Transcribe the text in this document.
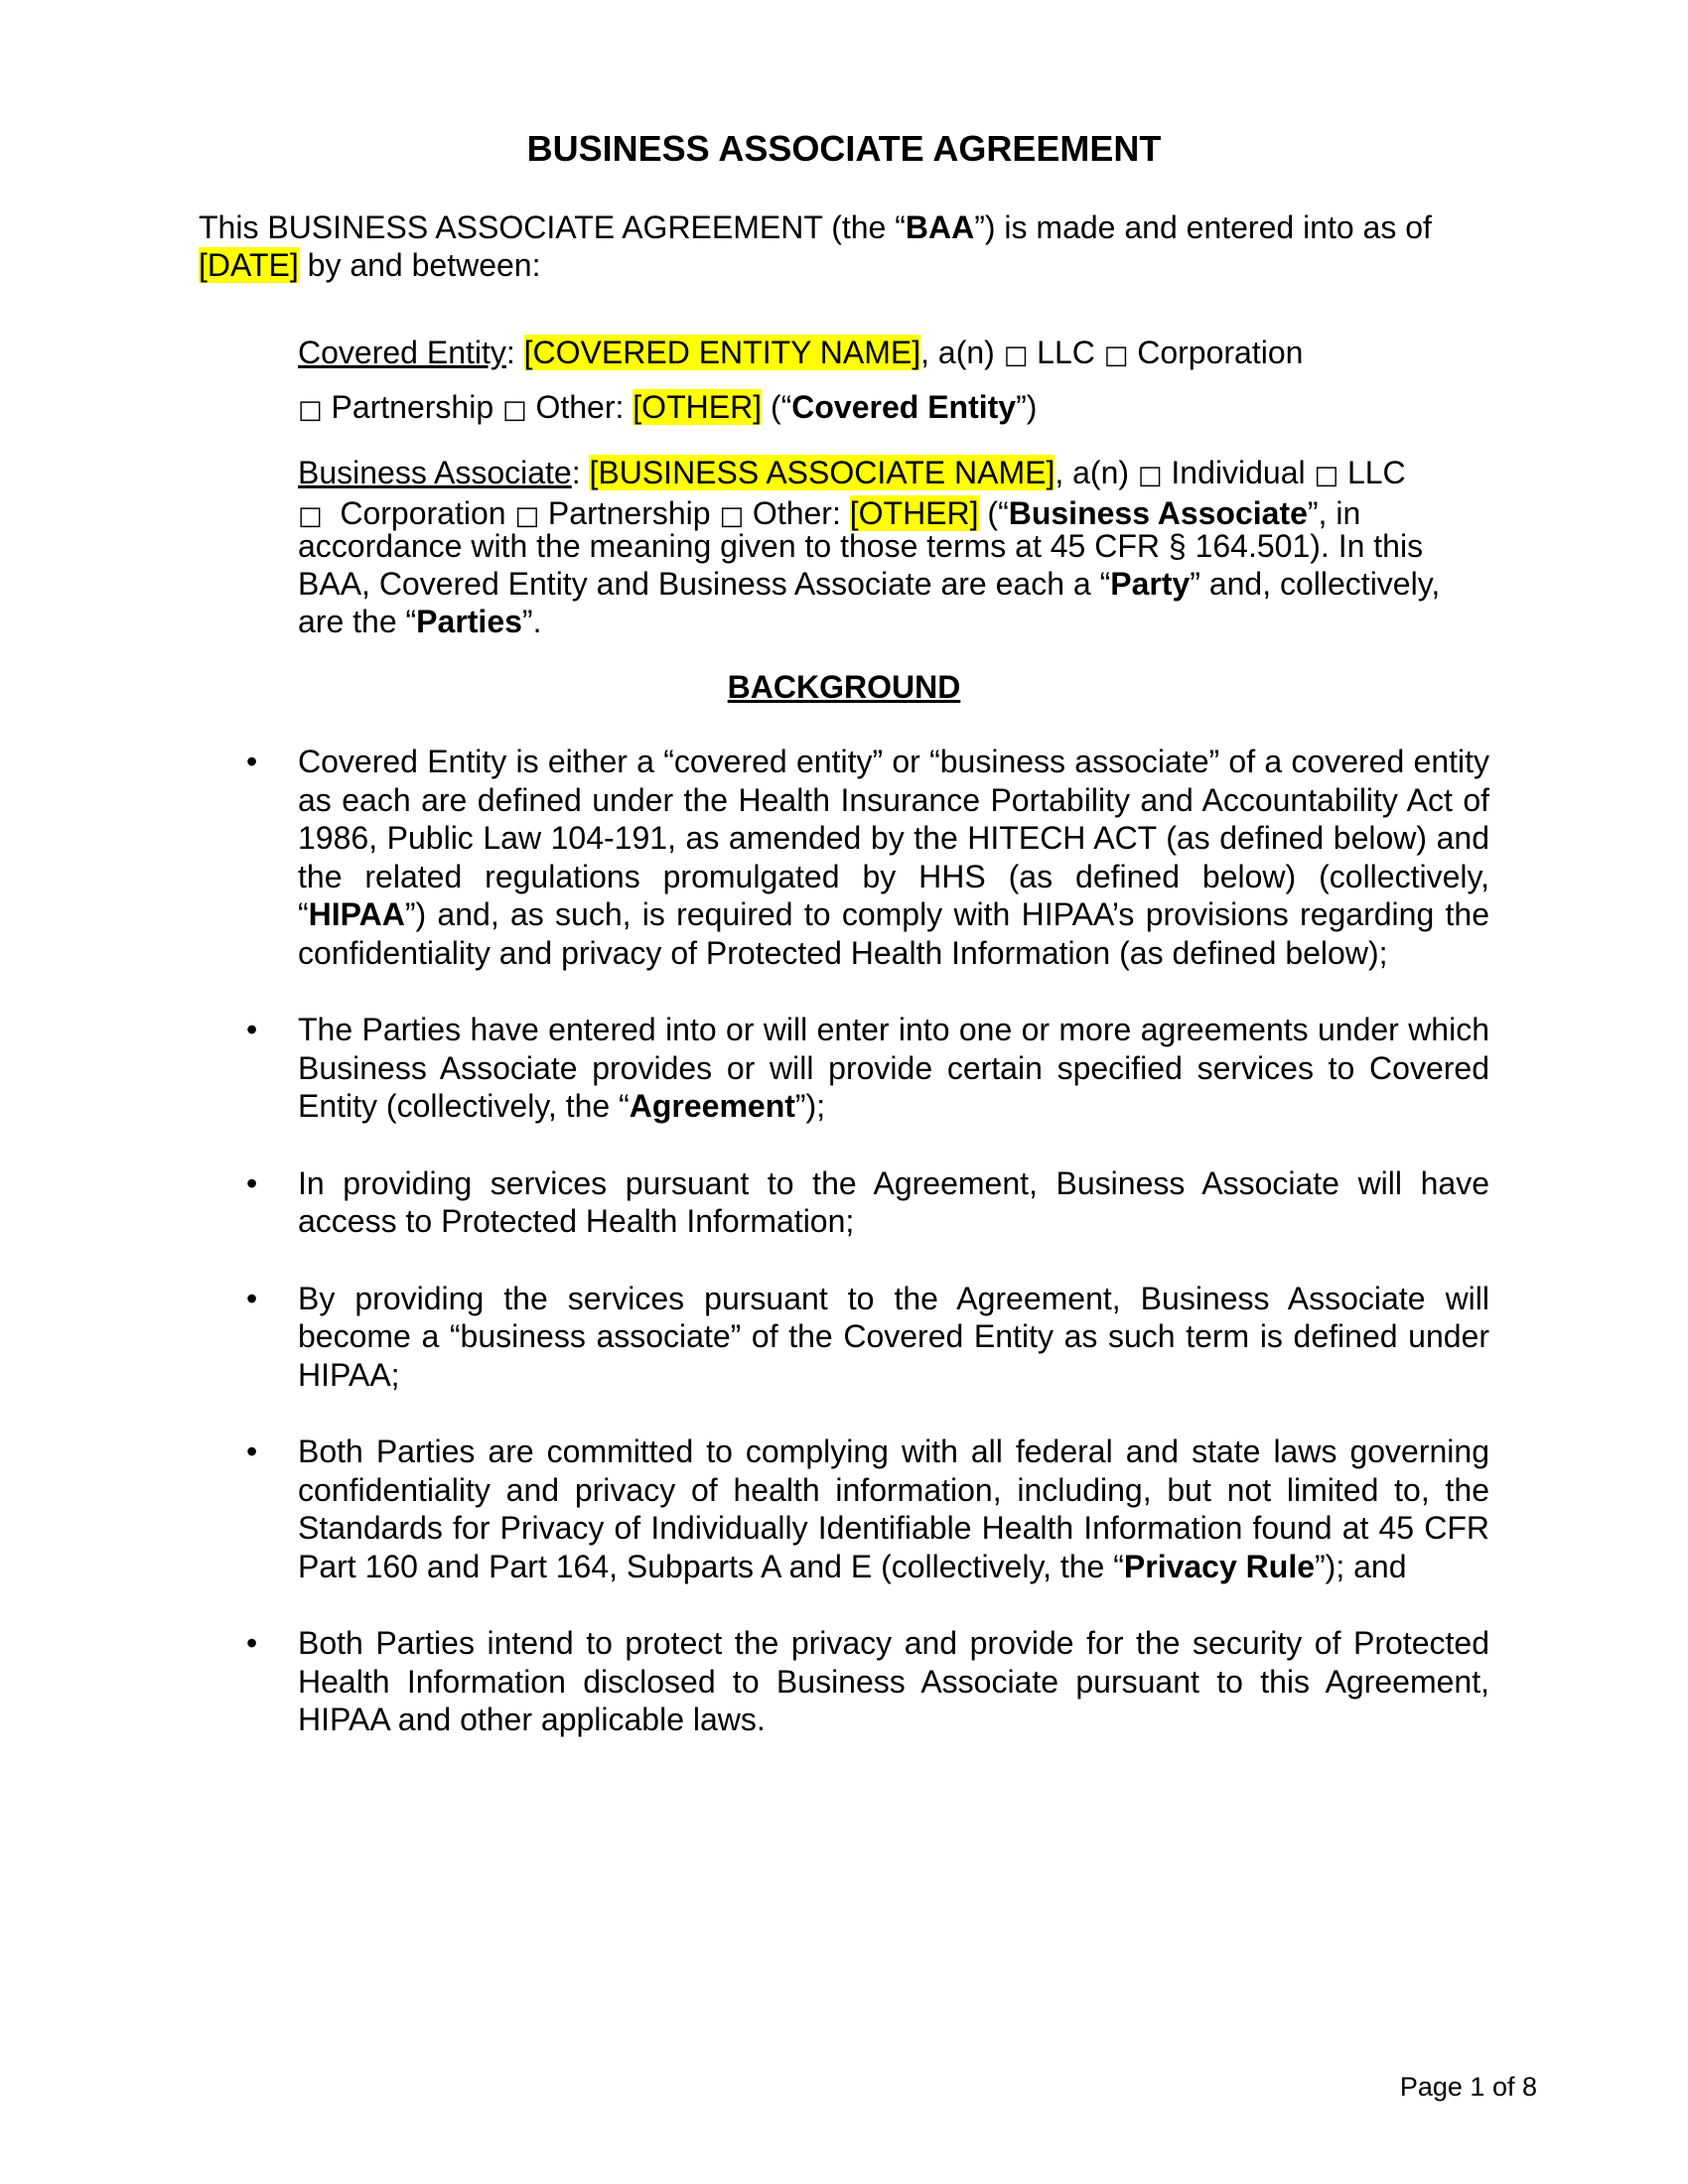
BUSINESS ASSOCIATE AGREEMENT

This BUSINESS ASSOCIATE AGREEMENT (the “BAA”) is made and entered into as of
[DATE] by and between:

Covered Entity: [COVERED ENTITY NAME], a(n) □ LLC □ Corporation
□ Partnership □ Other: [OTHER] (“Covered Entity”)

Business Associate: [BUSINESS ASSOCIATE NAME], a(n) □ Individual □ LLC
□ Corporation □ Partnership □ Other: [OTHER] (“Business Associate”, in
accordance with the meaning given to those terms at 45 CFR § 164.501). In this BAA, Covered Entity and Business Associate are each a “Party” and, collectively, are the “Parties”.

BACKGROUND
• Covered Entity is either a “covered entity” or “business associate” of a covered entity as each are defined under the Health Insurance Portability and Accountability Act of 1986, Public Law 104-191, as amended by the HITECH ACT (as defined below) and the related regulations promulgated by HHS (as defined below) (collectively, “HIPAA”) and, as such, is required to comply with HIPAA’s provisions regarding the confidentiality and privacy of Protected Health Information (as defined below);
• The Parties have entered into or will enter into one or more agreements under which Business Associate provides or will provide certain specified services to Covered Entity (collectively, the “Agreement”);
• In providing services pursuant to the Agreement, Business Associate will have access to Protected Health Information;
• By providing the services pursuant to the Agreement, Business Associate will become a “business associate” of the Covered Entity as such term is defined under HIPAA;
• Both Parties are committed to complying with all federal and state laws governing confidentiality and privacy of health information, including, but not limited to, the Standards for Privacy of Individually Identifiable Health Information found at 45 CFR Part 160 and Part 164, Subparts A and E (collectively, the “Privacy Rule”); and
• Both Parties intend to protect the privacy and provide for the security of Protected Health Information disclosed to Business Associate pursuant to this Agreement, HIPAA and other applicable laws.

Page 1 of 8
